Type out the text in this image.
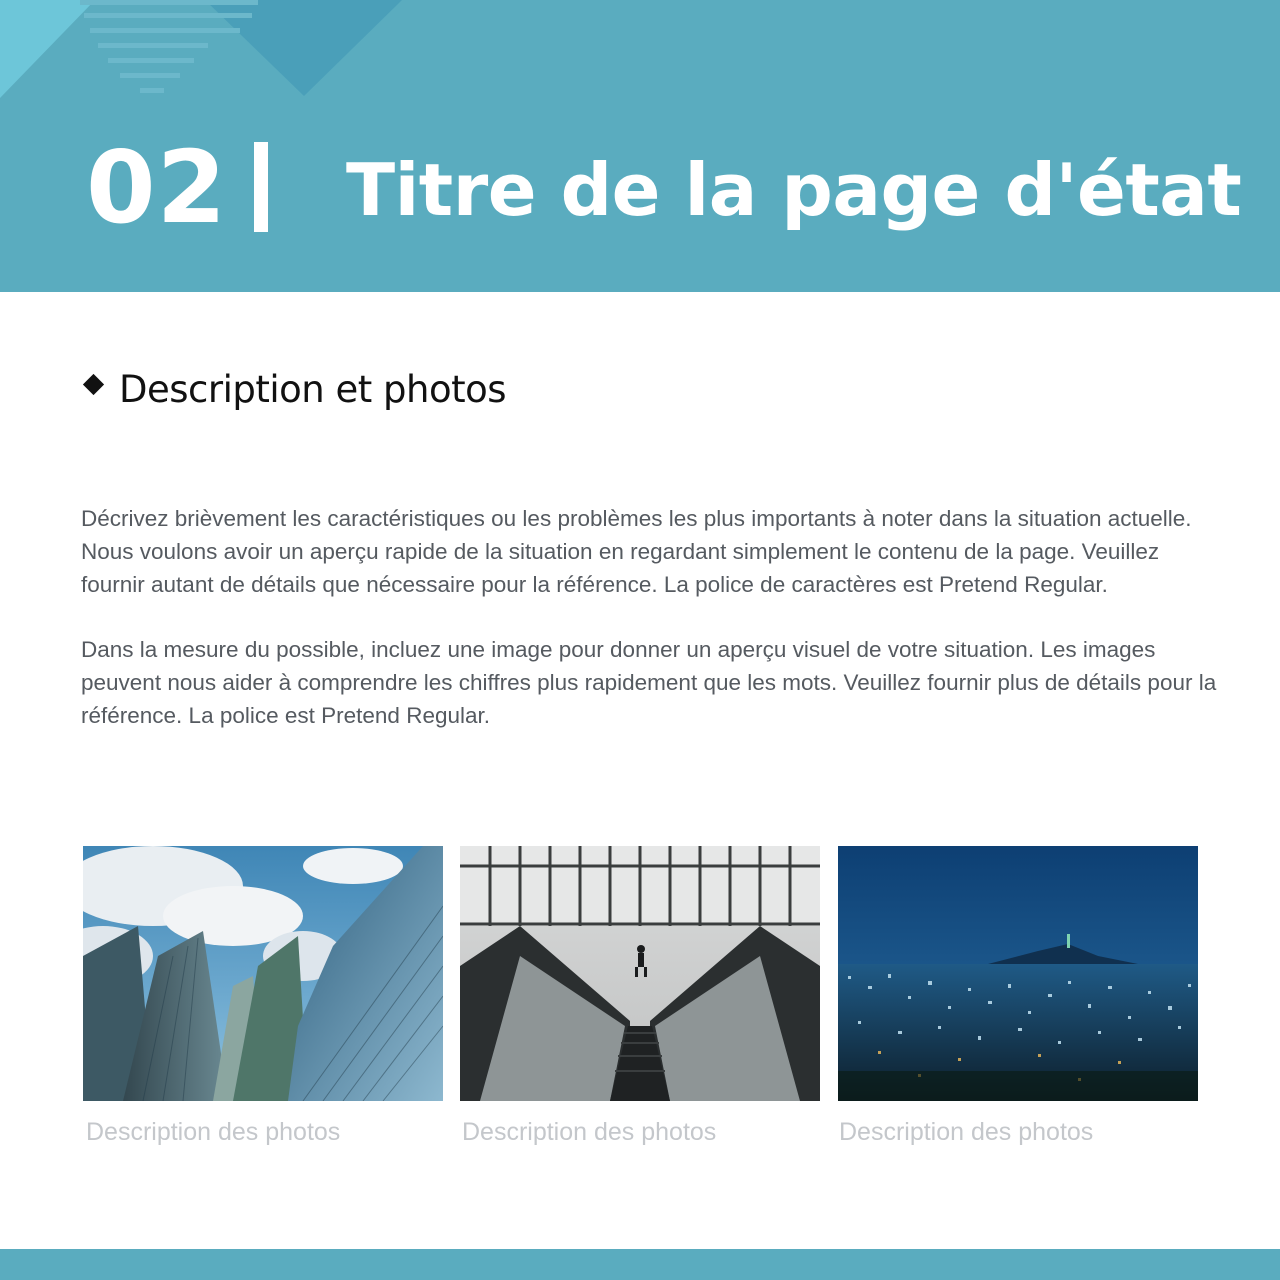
02 Titre de la page d'état
Description et photos

Décrivez brièvement les caractéristiques ou les problèmes les plus importants à noter dans la situation actuelle. Nous voulons avoir un aperçu rapide de la situation en regardant simplement le contenu de la page. Veuillez fournir autant de détails que nécessaire pour la référence. La police de caractères est Pretend Regular.

Dans la mesure du possible, incluez une image pour donner un aperçu visuel de votre situation. Les images peuvent nous aider à comprendre les chiffres plus rapidement que les mots. Veuillez fournir plus de détails pour la référence. La police est Pretend Regular.

Description des photos	Description des photos	Description des photos
